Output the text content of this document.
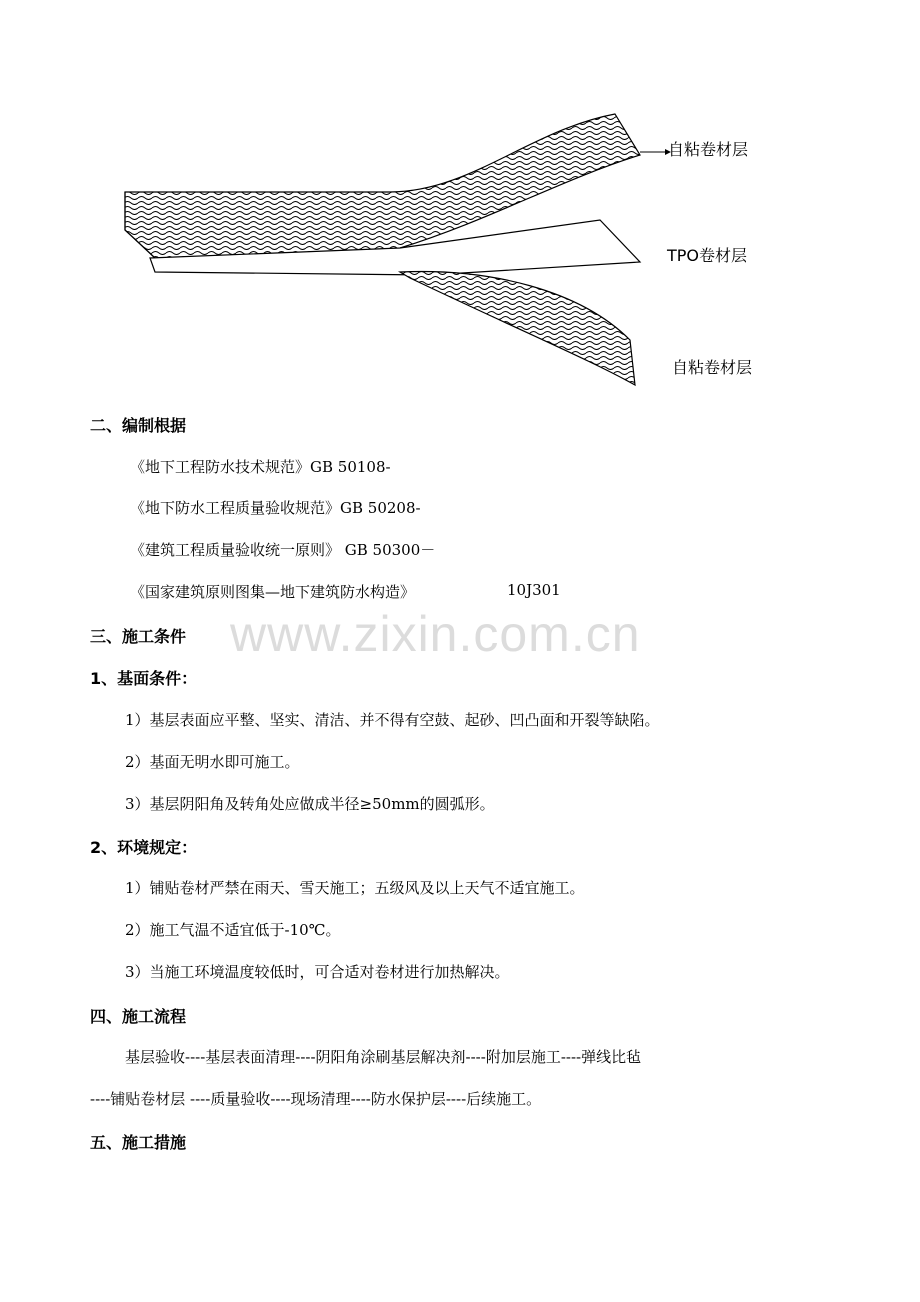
自粘卷材层
TPO卷材层
自粘卷材层
www.zixin.com.cn
二、编制根据
《地下工程防水技术规范》GB 50108-
《地下防水工程质量验收规范》GB 50208-
《建筑工程质量验收统一原则》 GB 50300－
《国家建筑原则图集—地下建筑防水构造》	10J301
三、施工条件
1、基面条件：
1）基层表面应平整、坚实、清洁、并不得有空鼓、起砂、凹凸面和开裂等缺陷。
2）基面无明水即可施工。
3）基层阴阳角及转角处应做成半径≥50mm的圆弧形。
2、环境规定：
1）铺贴卷材严禁在雨天、雪天施工；五级风及以上天气不适宜施工。
2）施工气温不适宜低于-10℃。
3）当施工环境温度较低时，可合适对卷材进行加热解决。
四、施工流程
基层验收----基层表面清理----阴阳角涂刷基层解决剂----附加层施工----弹线比毡
----铺贴卷材层 ----质量验收----现场清理----防水保护层----后续施工。
五、施工措施
